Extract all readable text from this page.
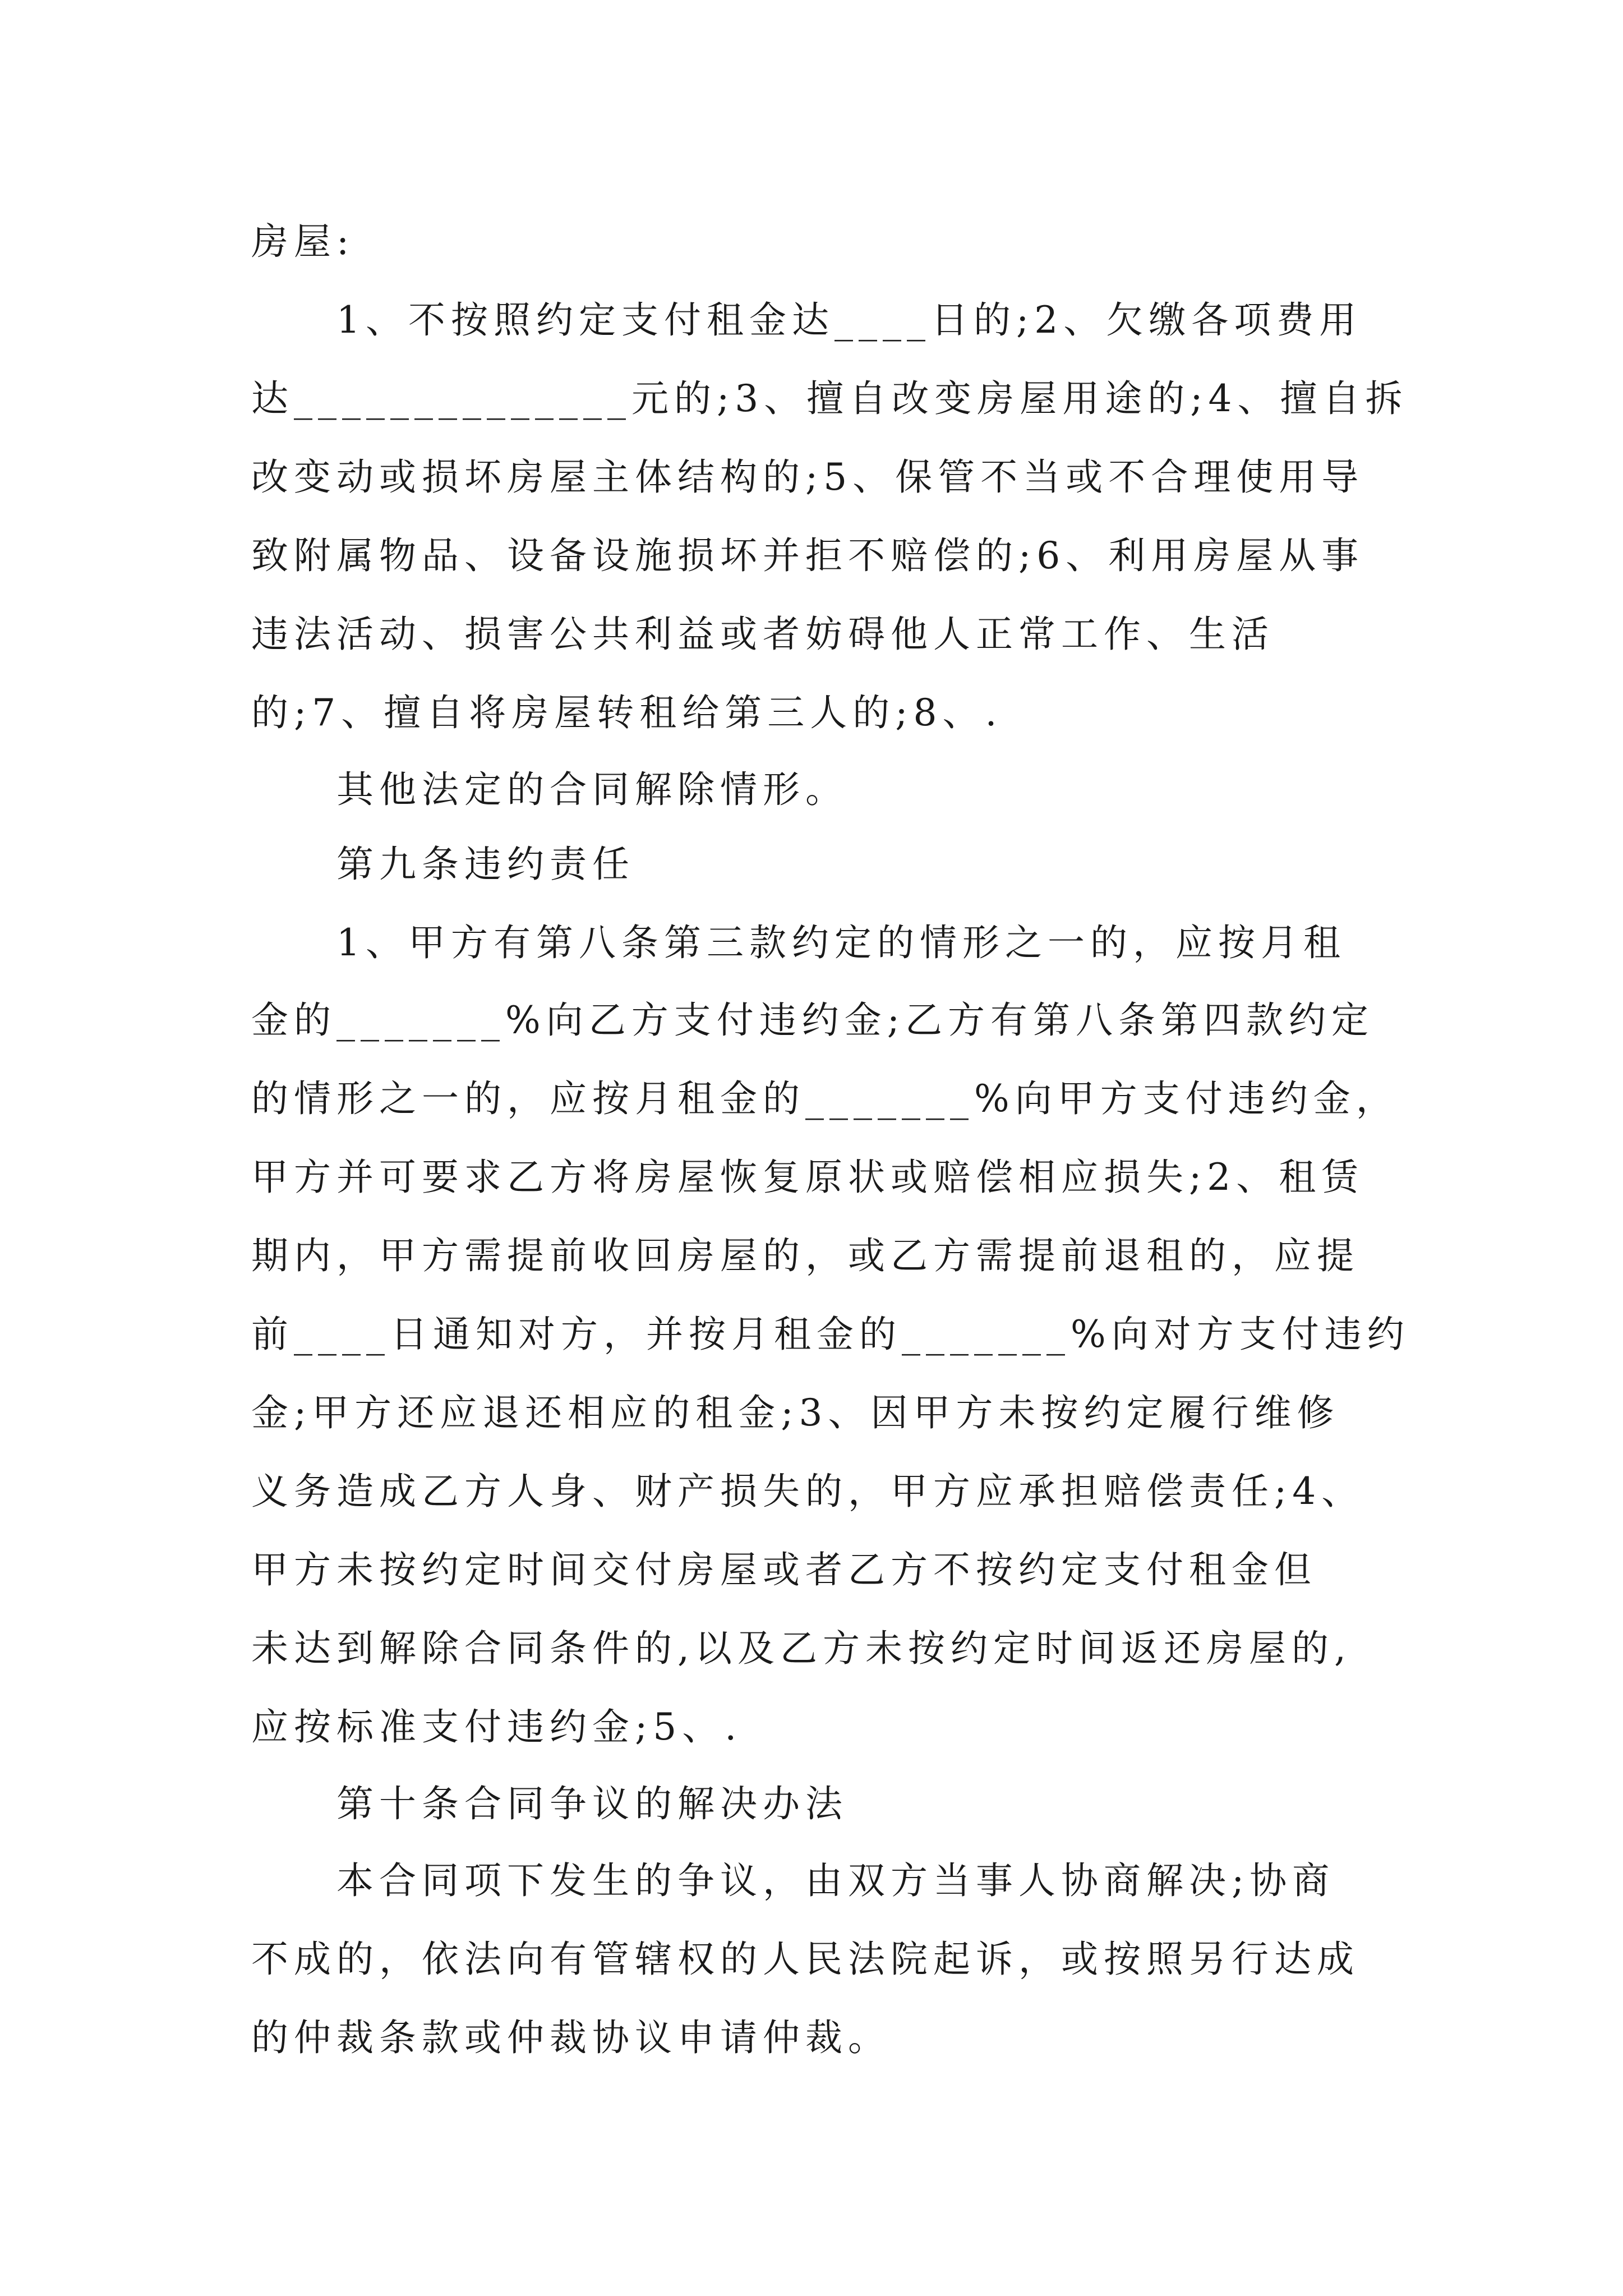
房屋:
1、不按照约定支付租金达____日的;2、欠缴各项费用
达______________元的;3、擅自改变房屋用途的;4、擅自拆
改变动或损坏房屋主体结构的;5、保管不当或不合理使用导
致附属物品、设备设施损坏并拒不赔偿的;6、利用房屋从事
违法活动、损害公共利益或者妨碍他人正常工作、生活
的;7、擅自将房屋转租给第三人的;8、.
其他法定的合同解除情形。
第九条违约责任
1、甲方有第八条第三款约定的情形之一的，应按月租
金的_______%向乙方支付违约金;乙方有第八条第四款约定
的情形之一的，应按月租金的_______%向甲方支付违约金，
甲方并可要求乙方将房屋恢复原状或赔偿相应损失;2、租赁
期内，甲方需提前收回房屋的，或乙方需提前退租的，应提
前____日通知对方，并按月租金的_______%向对方支付违约
金;甲方还应退还相应的租金;3、因甲方未按约定履行维修
义务造成乙方人身、财产损失的，甲方应承担赔偿责任;4、
甲方未按约定时间交付房屋或者乙方不按约定支付租金但
未达到解除合同条件的,以及乙方未按约定时间返还房屋的,
应按标准支付违约金;5、.
第十条合同争议的解决办法
本合同项下发生的争议，由双方当事人协商解决;协商
不成的，依法向有管辖权的人民法院起诉，或按照另行达成
的仲裁条款或仲裁协议申请仲裁。
